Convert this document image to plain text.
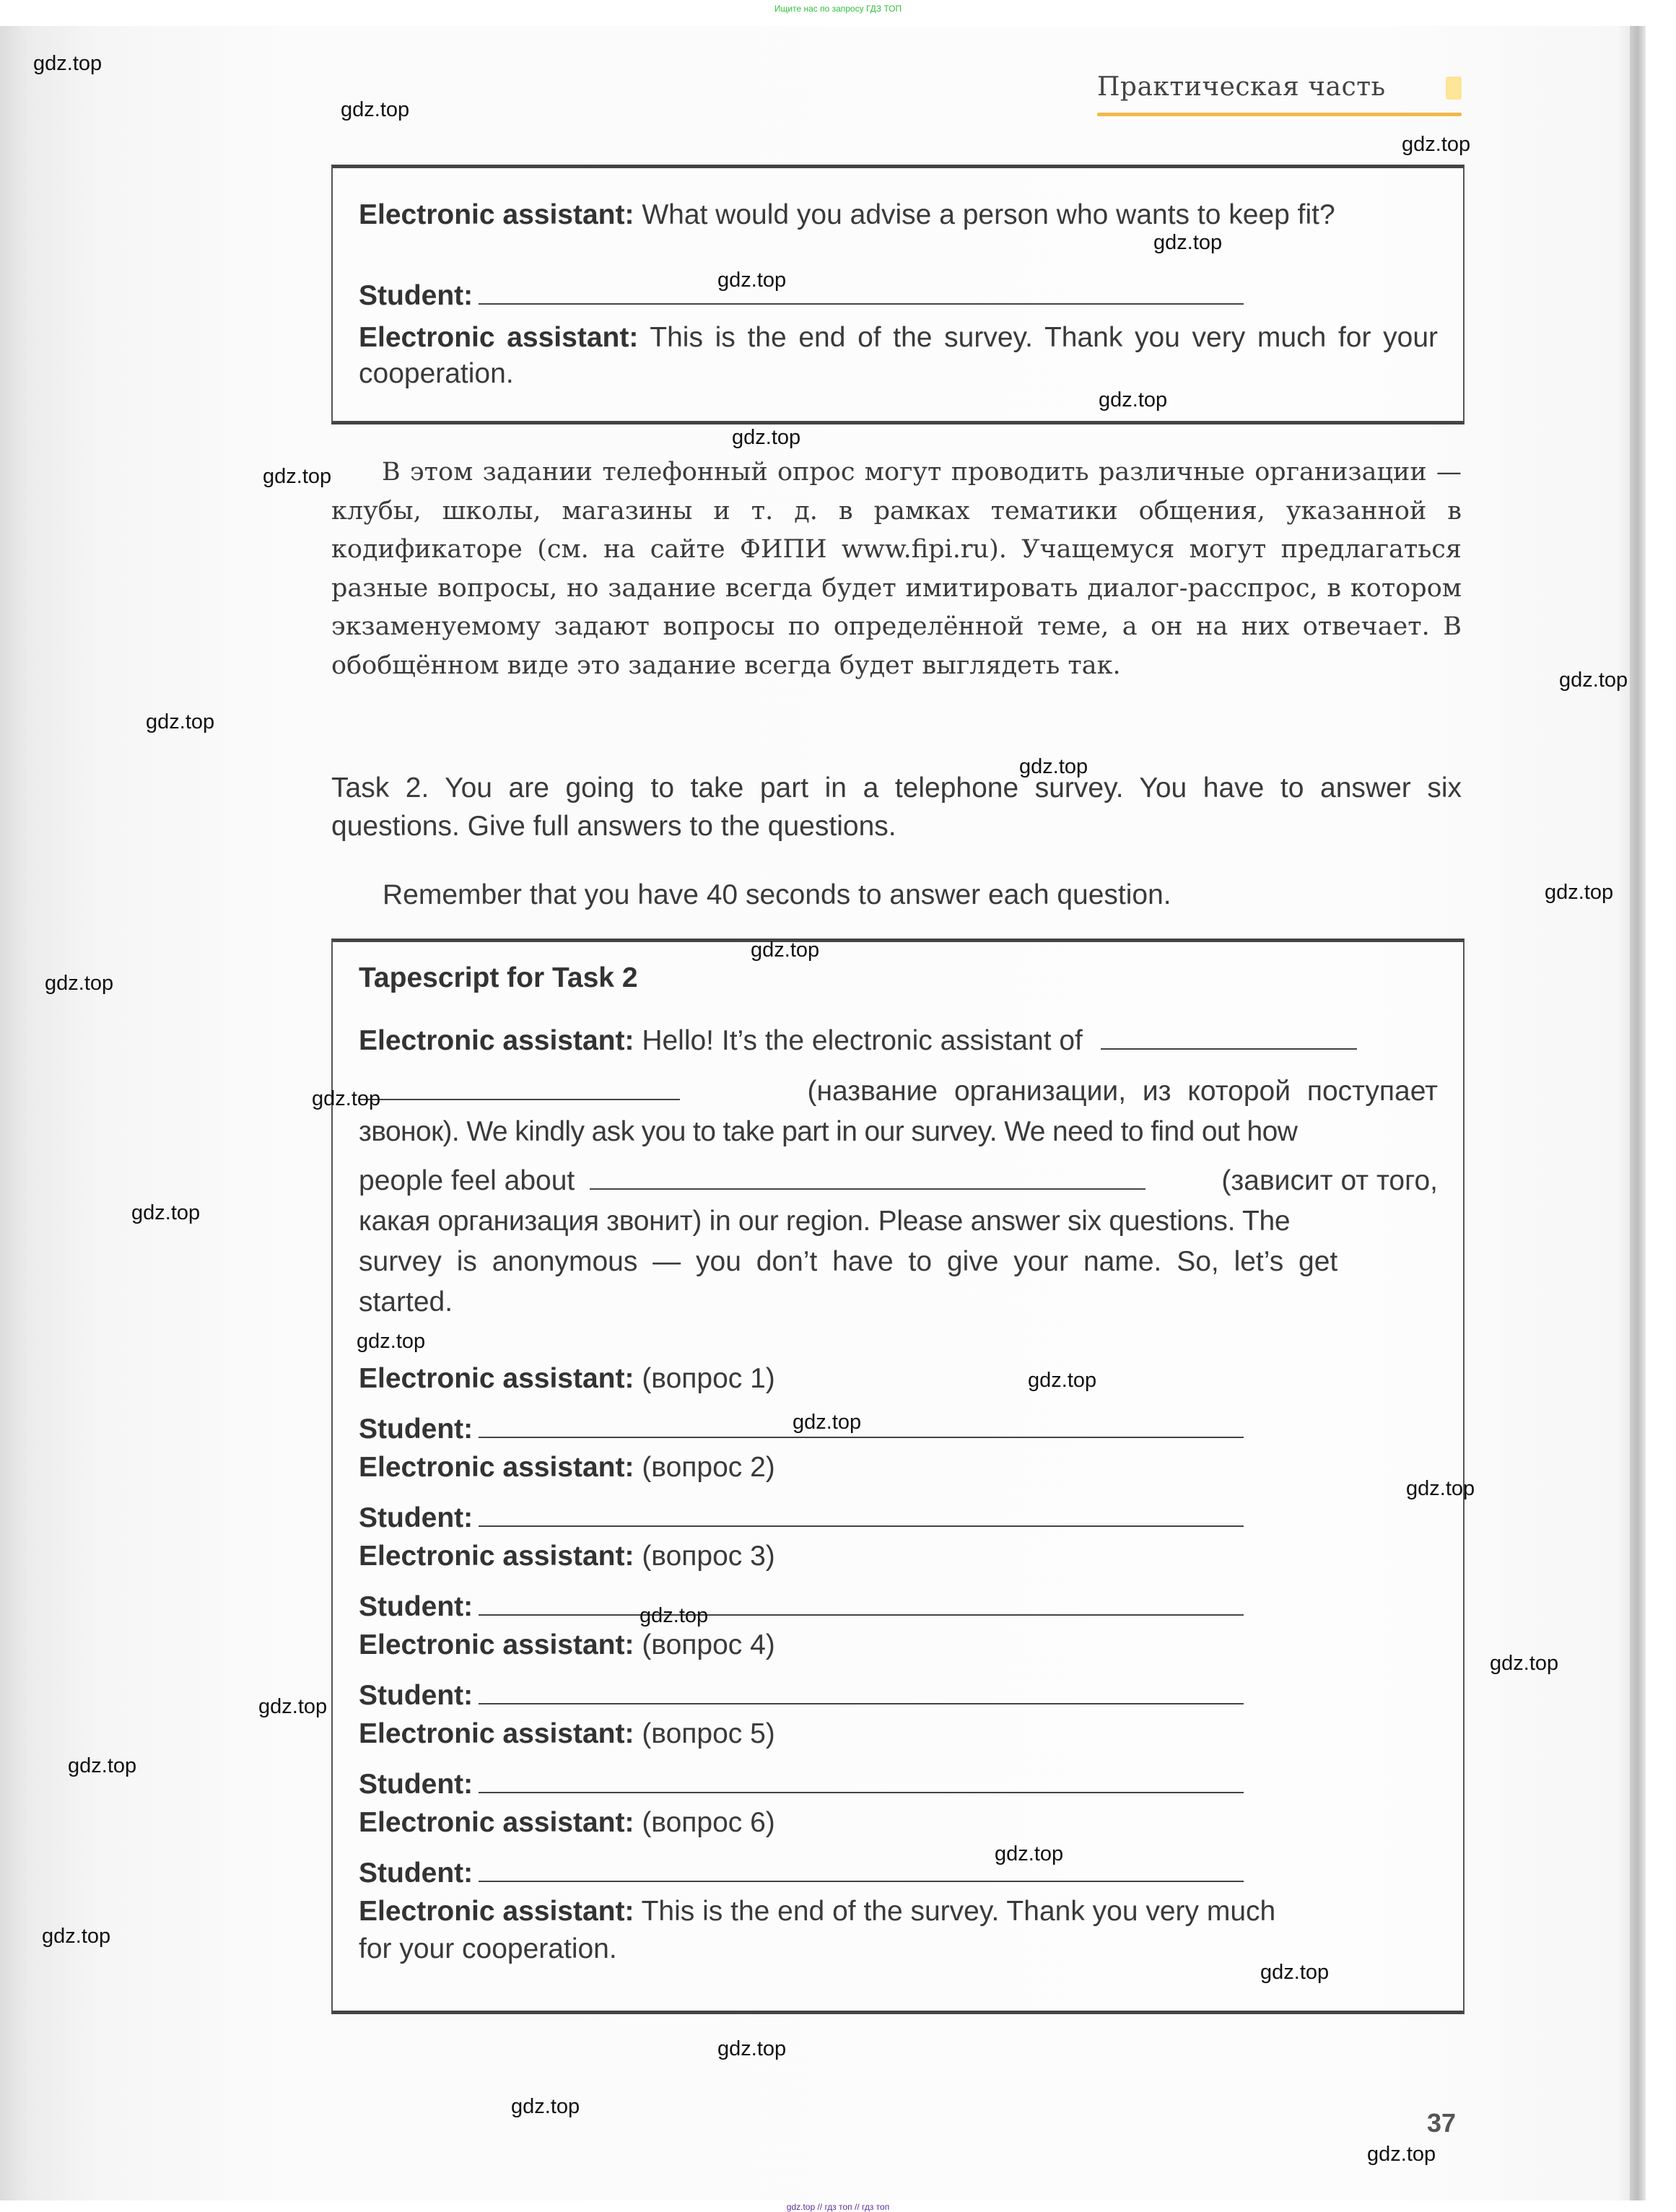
Ищите нас по запросу ГДЗ ТОП
Практическая часть
Electronic assistant: What would you advise a person who wants to keep fit?
Student:
Electronic assistant: This is the end of the survey. Thank you very much for your cooperation.

В этом задании телефонный опрос могут проводить различные организации — клубы, школы, магазины и т. д. в рамках тематики общения, указанной в кодификаторе (см. на сайте ФИПИ www.fipi.ru). Учащемуся могут предлагаться разные вопросы, но задание всегда будет имитировать диалог-расспрос, в котором экзаменуемому задают вопросы по определённой теме, а он на них отвечает. В обобщённом виде это задание всегда будет выглядеть так.

Task 2. You are going to take part in a telephone survey. You have to answer six questions. Give full answers to the questions.
Remember that you have 40 seconds to answer each question.
Tapescript for Task 2
Electronic assistant: Hello! It’s the electronic assistant of
(название организации, из которой поступает
звонок). We kindly ask you to take part in our survey. We need to find out how
people feel about	(зависит от того,
какая организация звонит) in our region. Please answer six questions. The
survey is anonymous — you don’t have to give your name. So, let’s get
started.
Electronic assistant: (вопрос 1)
Student:
Electronic assistant: (вопрос 2)
Student:
Electronic assistant: (вопрос 3)
Student:
Electronic assistant: (вопрос 4)
Student:
Electronic assistant: (вопрос 5)
Student:
Electronic assistant: (вопрос 6)
Student:
Electronic assistant: This is the end of the survey. Thank you very much
for your cooperation.
37
gdz.top
gdz.top
gdz.top
gdz.top
gdz.top
gdz.top
gdz.top
gdz.top
gdz.top
gdz.top
gdz.top
gdz.top
gdz.top
gdz.top
gdz.top
gdz.top
gdz.top
gdz.top
gdz.top
gdz.top
gdz.top
gdz.top
gdz.top
gdz.top
gdz.top
gdz.top
gdz.top
gdz.top
gdz.top
gdz.top
gdz.top // гдз топ // гдз топ
